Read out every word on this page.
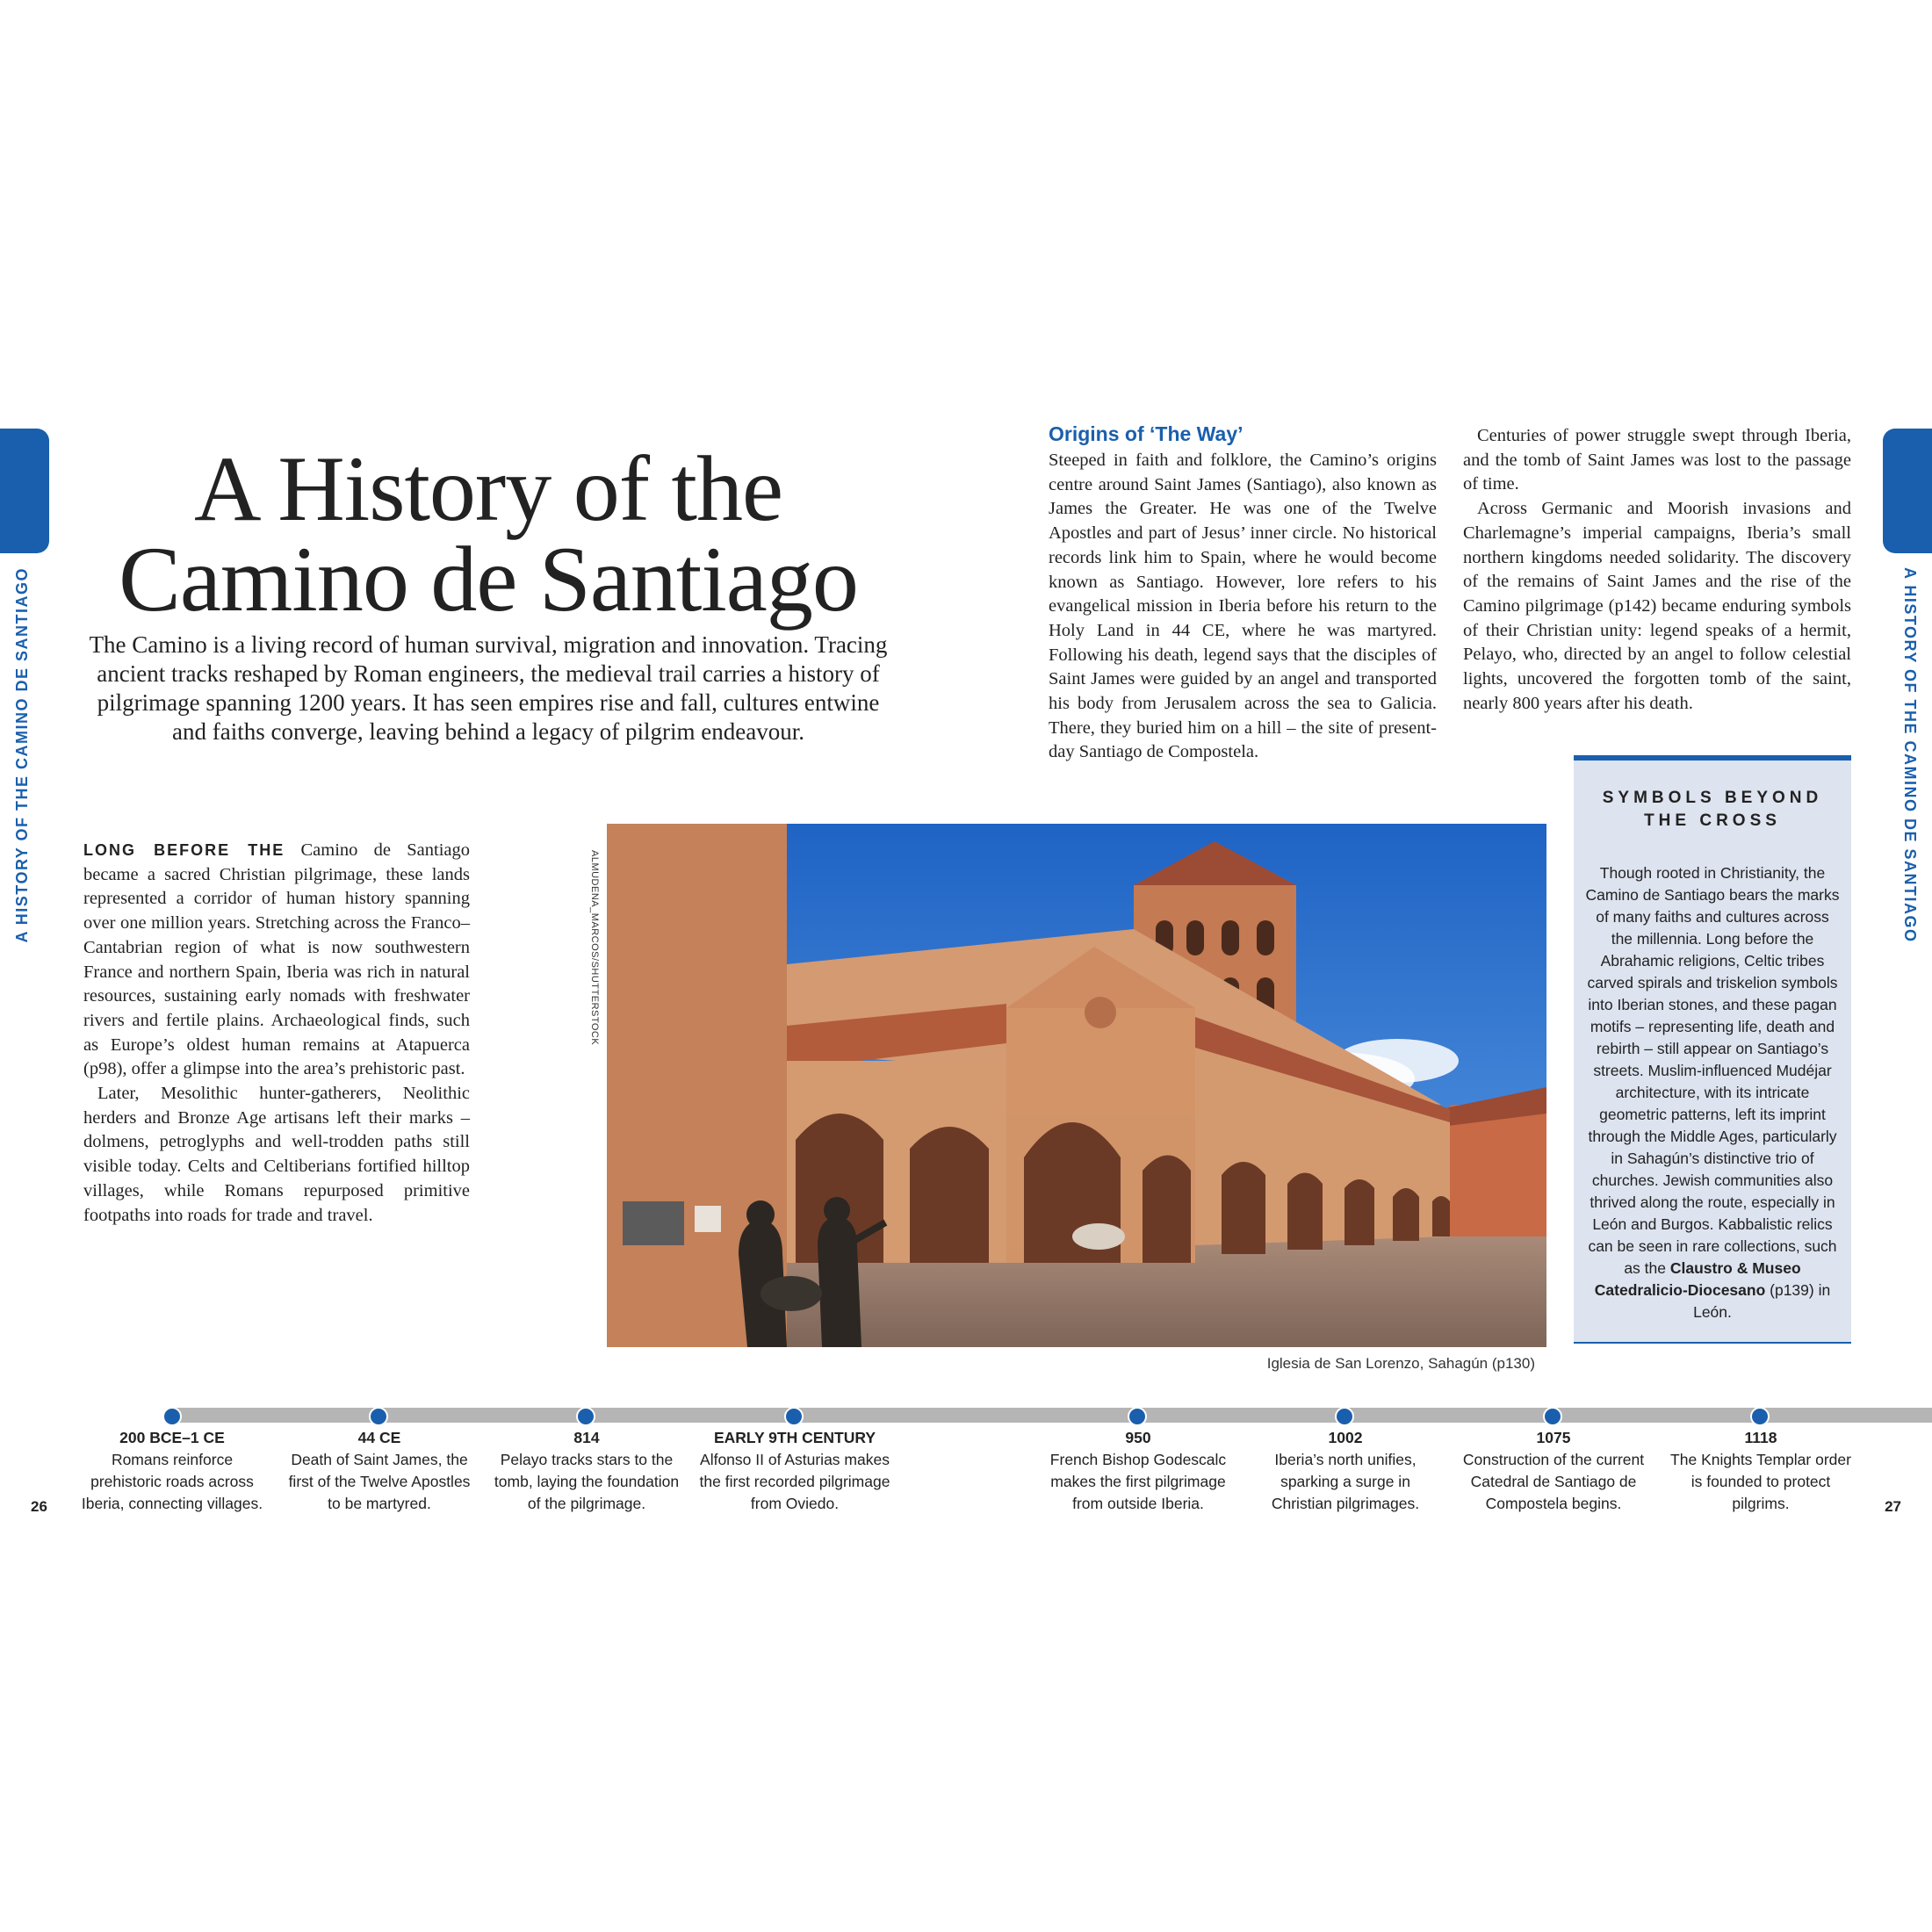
A HISTORY OF THE CAMINO DE SANTIAGO	A HISTORY OF THE CAMINO DE SANTIAGO
A History of the
Camino de Santiago

The Camino is a living record of human survival, migration and innovation. Tracing ancient tracks reshaped by Roman engineers, the medieval trail carries a history of pilgrimage spanning 1200 years. It has seen empires rise and fall, cultures entwine and faiths converge, leaving behind a legacy of pilgrim endeavour.

LONG BEFORE THE Camino de Santiago became a sacred Christian pilgrimage, these lands represented a corridor of human history spanning over one million years. Stretching across the Franco–Cantabrian region of what is now southwestern France and northern Spain, Iberia was rich in natural resources, sustaining early nomads with freshwater rivers and fertile plains. Archaeological finds, such as Europe’s oldest human remains at Atapuerca (p98), offer a glimpse into the area’s prehistoric past.

Later, Mesolithic hunter-gatherers, Neolithic herders and Bronze Age artisans left their marks – dolmens, petroglyphs and well-trodden paths still visible today. Celts and Celtiberians fortified hilltop villages, while Romans repurposed primitive footpaths into roads for trade and travel.

Origins of ‘The Way’

Steeped in faith and folklore, the Camino’s origins centre around Saint James (Santiago), also known as James the Greater. He was one of the Twelve Apostles and part of Jesus’ inner circle. No historical records link him to Spain, where he would become known as Santiago. However, lore refers to his evangelical mission in Iberia before his return to the Holy Land in 44 CE, where he was martyred. Following his death, legend says that the disciples of Saint James were guided by an angel and transported his body from Jerusalem across the sea to Galicia. There, they buried him on a hill – the site of present-day Santiago de Compostela.

Centuries of power struggle swept through Iberia, and the tomb of Saint James was lost to the passage of time.

Across Germanic and Moorish invasions and Charlemagne’s imperial campaigns, Iberia’s small northern kingdoms needed solidarity. The discovery of the remains of Saint James and the rise of the Camino pilgrimage (p142) became enduring symbols of their Christian unity: legend speaks of a hermit, Pelayo, who, directed by an angel to follow celestial lights, uncovered the forgotten tomb of the saint, nearly 800 years after his death.

ALMUDENA_MARCOS/SHUTTERSTOCK
Iglesia de San Lorenzo, Sahagún (p130)
SYMBOLS BEYOND THE CROSS
Though rooted in Christianity, the Camino de Santiago bears the marks of many faiths and cultures across the millennia. Long before the Abrahamic religions, Celtic tribes carved spirals and triskelion symbols into Iberian stones, and these pagan motifs – representing life, death and rebirth – still appear on Santiago’s streets. Muslim-influenced Mudéjar architecture, with its intricate geometric patterns, left its imprint through the Middle Ages, particularly in Sahagún’s distinctive trio of churches. Jewish communities also thrived along the route, especially in León and Burgos. Kabbalistic relics can be seen in rare collections, such as the Claustro & Museo Catedralicio-Diocesano (p139) in León.
200 BCE–1 CE
Romans reinforce prehistoric roads across Iberia, connecting villages.
44 CE
Death of Saint James, the first of the Twelve Apostles to be martyred.
814
Pelayo tracks stars to the tomb, laying the foundation of the pilgrimage.
EARLY 9TH CENTURY
Alfonso II of Asturias makes the first recorded pilgrimage from Oviedo.
950
French Bishop Godescalc makes the first pilgrimage from outside Iberia.
1002
Iberia’s north unifies, sparking a surge in Christian pilgrimages.
1075
Construction of the current Catedral de Santiago de Compostela begins.
1118
The Knights Templar order is founded to protect pilgrims.
26	27
